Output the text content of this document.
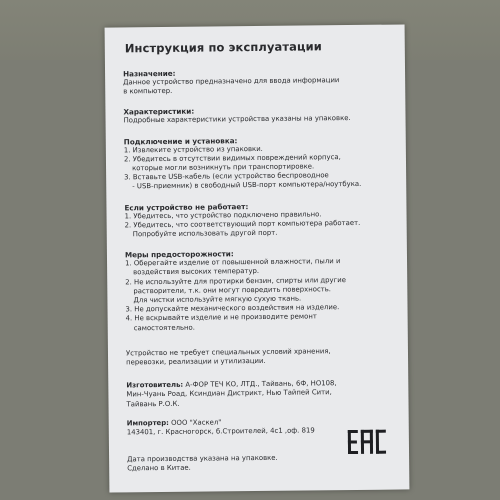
Инструкция по эксплуатации
Назначение:
Данное устройство предназначено для ввода информации
в компьютер.
Характеристики:
Подробные характеристики устройства указаны на упаковке.
Подключение и установка:
1. Извлеките устройство из упаковки.
2. Убедитесь в отсутствии видимых повреждений корпуса,
которые могли возникнуть при транспортировке.
3. Вставьте USB-кабель (если устройство беспроводное
- USB-приемник) в свободный USB-порт компьютера/ноутбука.
Если устройство не работает:
1. Убедитесь, что устройство подключено правильно.
2. Убедитесь, что соответствующий порт компьютера работает.
Попробуйте использовать другой порт.
Меры предосторожности:
1. Оберегайте изделие от повышенной влажности, пыли и
воздействия высоких температур.
2. Не используйте для протирки бензин, спирты или другие
растворители, т.к. они могут повредить поверхность.
Для чистки используйте мягкую сухую ткань.
3. Не допускайте механического воздействия на изделие.
4. Не вскрывайте изделие и не производите ремонт
самостоятельно.
Устройство не требует специальных условий хранения,
перевозки, реализации и утилизации.
Изготовитель: А-ФОР ТЕЧ КО, ЛТД., Тайвань, 6Ф, НО108,
Мин-Чуань Роад, Ксиндиан Дистрикт, Нью Тайпей Сити,
Тайвань Р.О.К.
Импортер: ООО "Хаскел"
143401, г. Красногорск, б.Строителей, 4с1 ,оф. 819
Дата производства указана на упаковке.
Сделано в Китае.
